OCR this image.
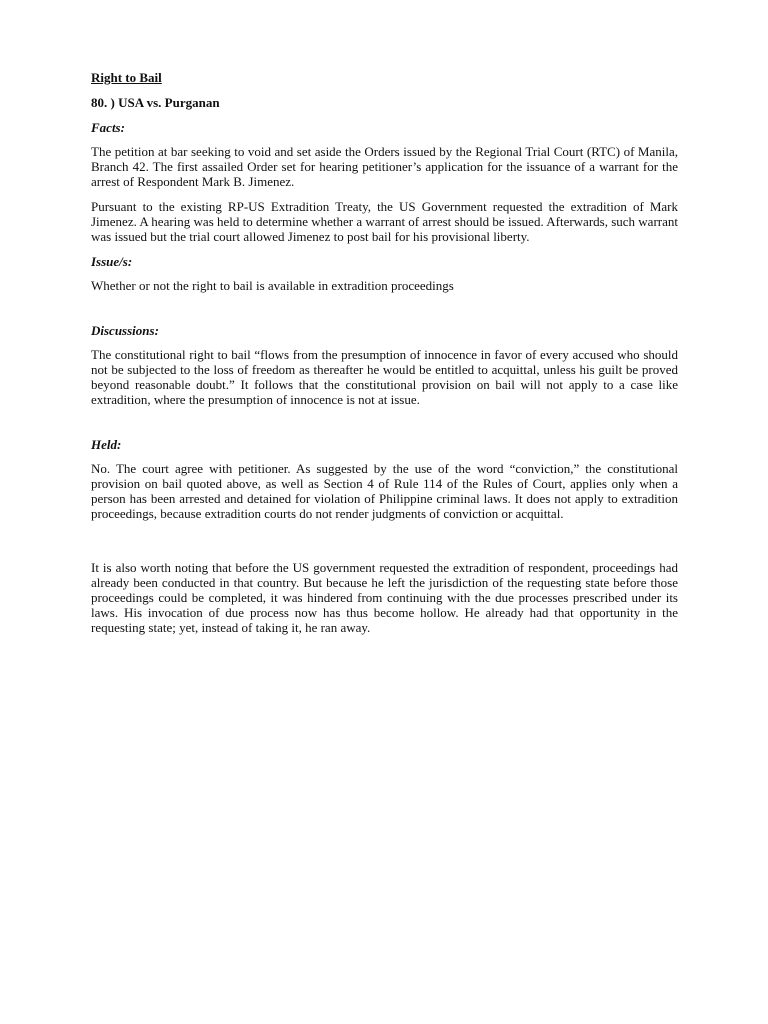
Right to Bail
80. ) USA vs. Purganan
Facts:

The petition at bar seeking to void and set aside the Orders issued by the Regional Trial Court (RTC) of Manila, Branch 42. The first assailed Order set for hearing petitioner’s application for the issuance of a warrant for the arrest of Respondent Mark B. Jimenez.

Pursuant to the existing RP-US Extradition Treaty, the US Government requested the extradition of Mark Jimenez. A hearing was held to determine whether a warrant of arrest should be issued. Afterwards, such warrant was issued but the trial court allowed Jimenez to post bail for his provisional liberty.

Issue/s:

Whether or not the right to bail is available in extradition proceedings

Discussions:

The constitutional right to bail “flows from the presumption of innocence in favor of every accused who should not be subjected to the loss of freedom as thereafter he would be entitled to acquittal, unless his guilt be proved beyond reasonable doubt.” It follows that the constitutional provision on bail will not apply to a case like extradition, where the presumption of innocence is not at issue.

Held:

No. The court agree with petitioner. As suggested by the use of the word “conviction,” the constitutional provision on bail quoted above, as well as Section 4 of Rule 114 of the Rules of Court, applies only when a person has been arrested and detained for violation of Philippine criminal laws. It does not apply to extradition proceedings, because extradition courts do not render judgments of conviction or acquittal.

It is also worth noting that before the US government requested the extradition of respondent, proceedings had already been conducted in that country. But because he left the jurisdiction of the requesting state before those proceedings could be completed, it was hindered from continuing with the due processes prescribed under its laws. His invocation of due process now has thus become hollow. He already had that opportunity in the requesting state; yet, instead of taking it, he ran away.
